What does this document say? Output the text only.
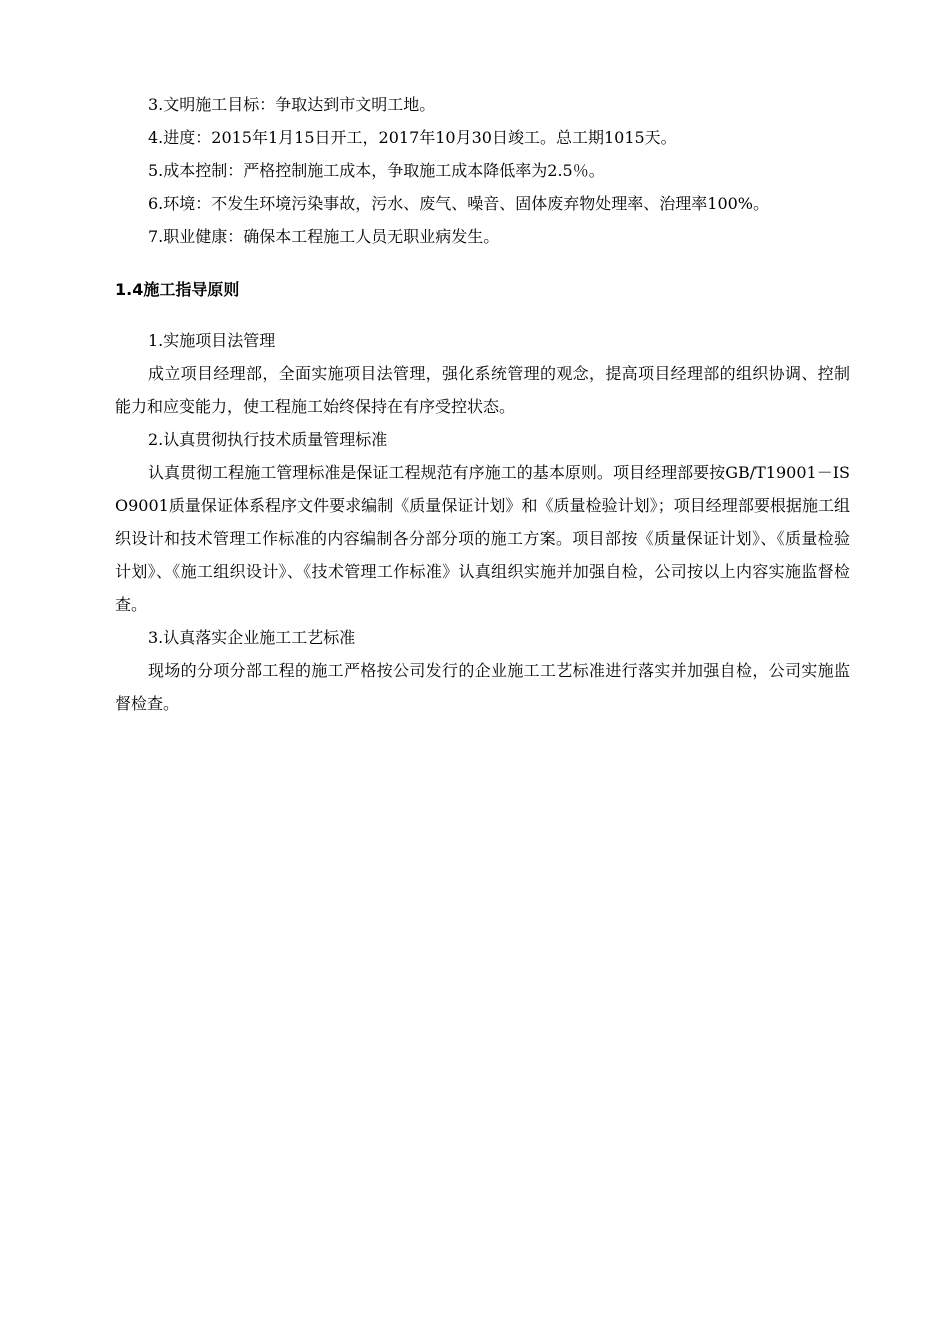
3.文明施工目标：争取达到市文明工地。

4.进度：2015年1月15日开工，2017年10月30日竣工。总工期1015天。

5.成本控制：严格控制施工成本，争取施工成本降低率为2.5％。

6.环境：不发生环境污染事故，污水、废气、噪音、固体废弃物处理率、治理率100%。

7.职业健康：确保本工程施工人员无职业病发生。

1.4施工指导原则

1.实施项目法管理

成立项目经理部，全面实施项目法管理，强化系统管理的观念，提高项目经理部的组织协调、控制能力和应变能力，使工程施工始终保持在有序受控状态。

2.认真贯彻执行技术质量管理标准

认真贯彻工程施工管理标准是保证工程规范有序施工的基本原则。项目经理部要按GB/T19001－ISO9001质量保证体系程序文件要求编制《质量保证计划》和《质量检验计划》；项目经理部要根据施工组织设计和技术管理工作标准的内容编制各分部分项的施工方案。项目部按《质量保证计划》、《质量检验计划》、《施工组织设计》、《技术管理工作标准》认真组织实施并加强自检，公司按以上内容实施监督检查。

3.认真落实企业施工工艺标准

现场的分项分部工程的施工严格按公司发行的企业施工工艺标准进行落实并加强自检，公司实施监督检查。
